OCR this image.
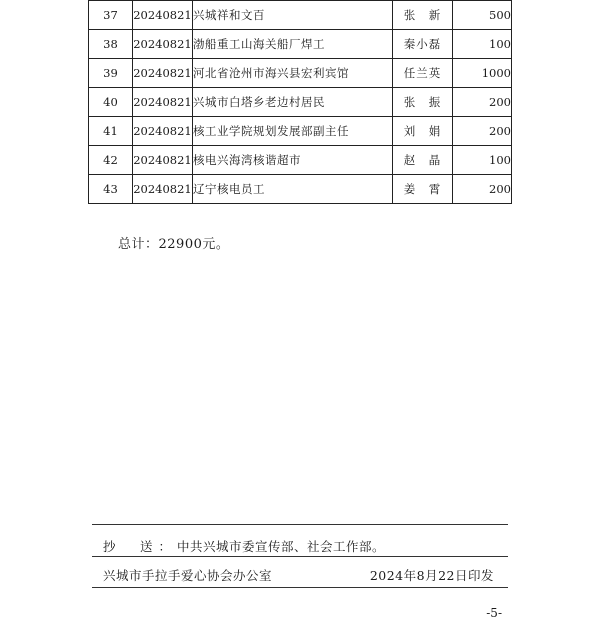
37	20240821	兴城祥和文百	张　新	500
38	20240821	渤船重工山海关船厂焊工	秦小磊	100
39	20240821	河北省沧州市海兴县宏利宾馆	任兰英	1000
40	20240821	兴城市白塔乡老边村居民	张　振	200
41	20240821	核工业学院规划发展部副主任	刘　娟	200
42	20240821	核电兴海湾核谐超市	赵　晶	100
43	20240821	辽宁核电员工	姜　霄	200
总计：22900元。
抄　送：中共兴城市委宣传部、社会工作部。
兴城市手拉手爱心协会办公室	2024年8月22日印发
-5-
